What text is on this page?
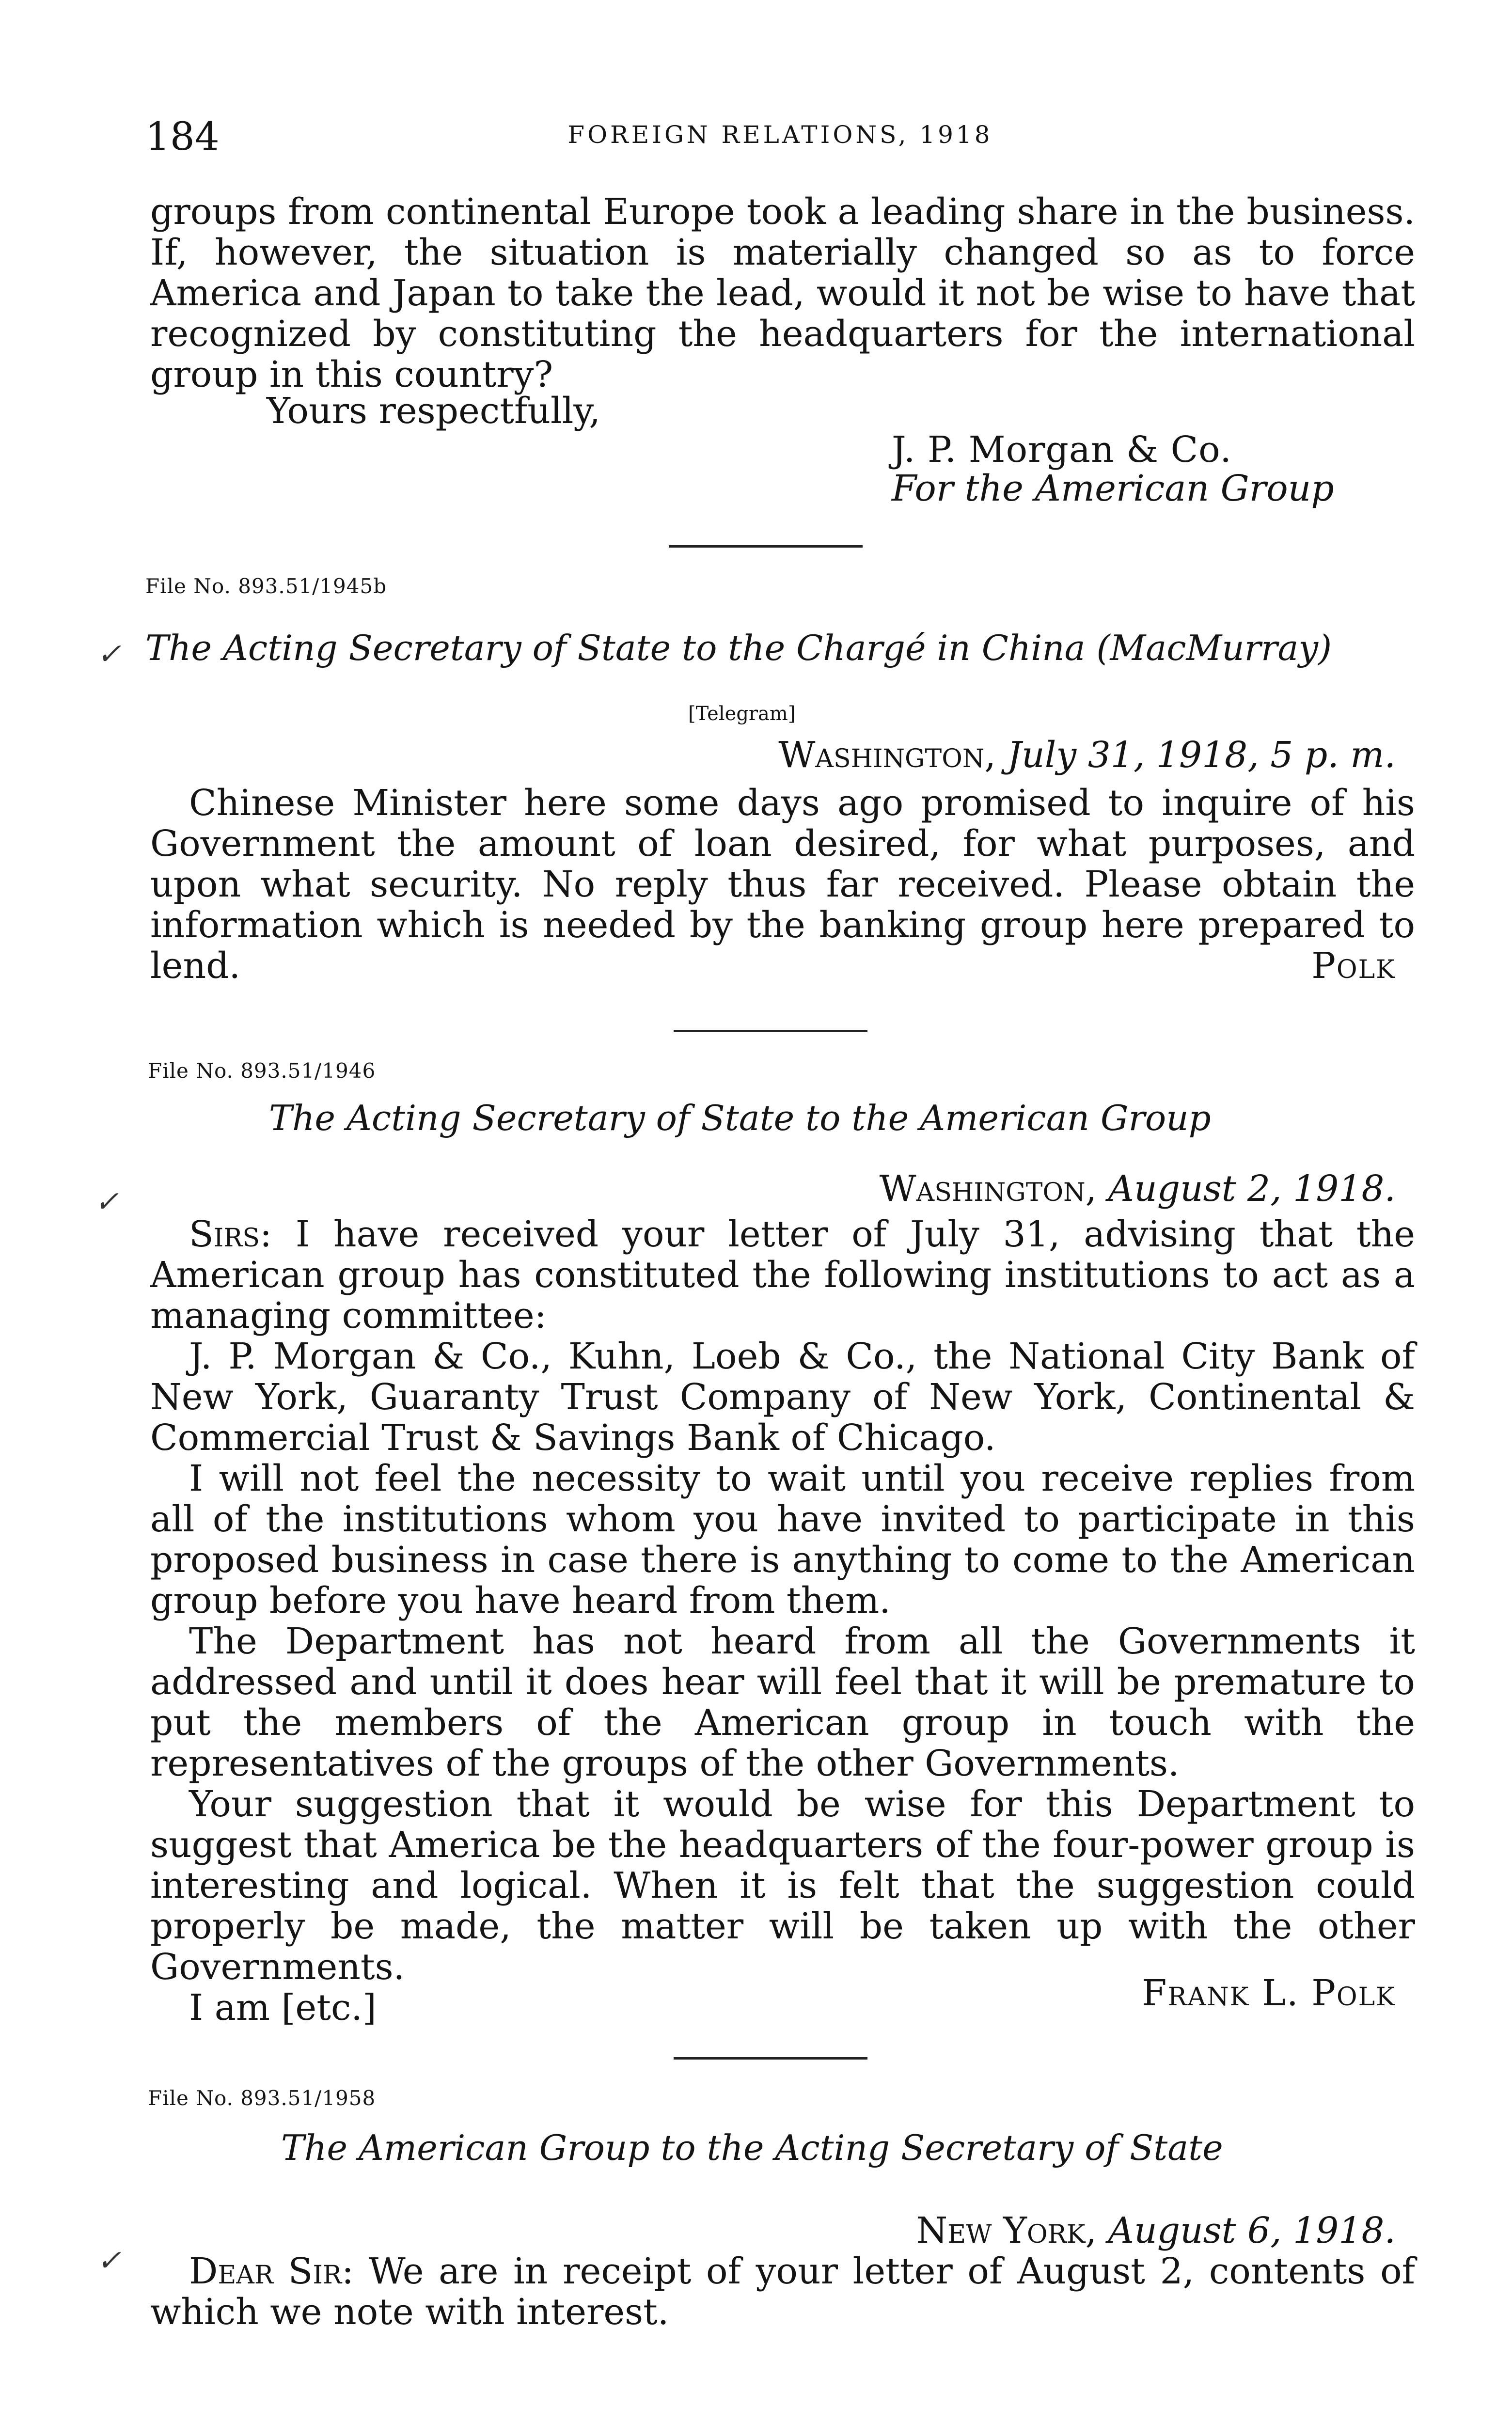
184	FOREIGN RELATIONS, 1918

groups from continental Europe took a leading share in the business. If, however, the situation is materially changed so as to force America and Japan to take the lead, would it not be wise to have that recognized by constituting the headquarters for the international group in this country?

Yours respectfully,
J. P. Morgan & Co.
For the American Group
✓
File No. 893.51/1945b
The Acting Secretary of State to the Chargé in China (MacMurray)
[Telegram]
Washington, July 31, 1918, 5 p. m.

Chinese Minister here some days ago promised to inquire of his Government the amount of loan desired, for what purposes, and upon what security. No reply thus far received. Please obtain the information which is needed by the banking group here prepared to lend.	Polk
File No. 893.51/1946
The Acting Secretary of State to the American Group
✓	Washington, August 2, 1918.

Sirs: I have received your letter of July 31, advising that the American group has constituted the following institutions to act as a managing committee:

J. P. Morgan & Co., Kuhn, Loeb & Co., the National City Bank of New York, Guaranty Trust Company of New York, Continental & Commercial Trust & Savings Bank of Chicago.

I will not feel the necessity to wait until you receive replies from all of the institutions whom you have invited to participate in this proposed business in case there is anything to come to the American group before you have heard from them.

The Department has not heard from all the Governments it addressed and until it does hear will feel that it will be premature to put the members of the American group in touch with the representatives of the groups of the other Governments.

Your suggestion that it would be wise for this Department to suggest that America be the headquarters of the four-power group is interesting and logical. When it is felt that the suggestion could properly be made, the matter will be taken up with the other Governments.

I am [etc.]	Frank L. Polk
File No. 893.51/1958
The American Group to the Acting Secretary of State
✓
New York, August 6, 1918.

Dear Sir: We are in receipt of your letter of August 2, contents of which we note with interest.
